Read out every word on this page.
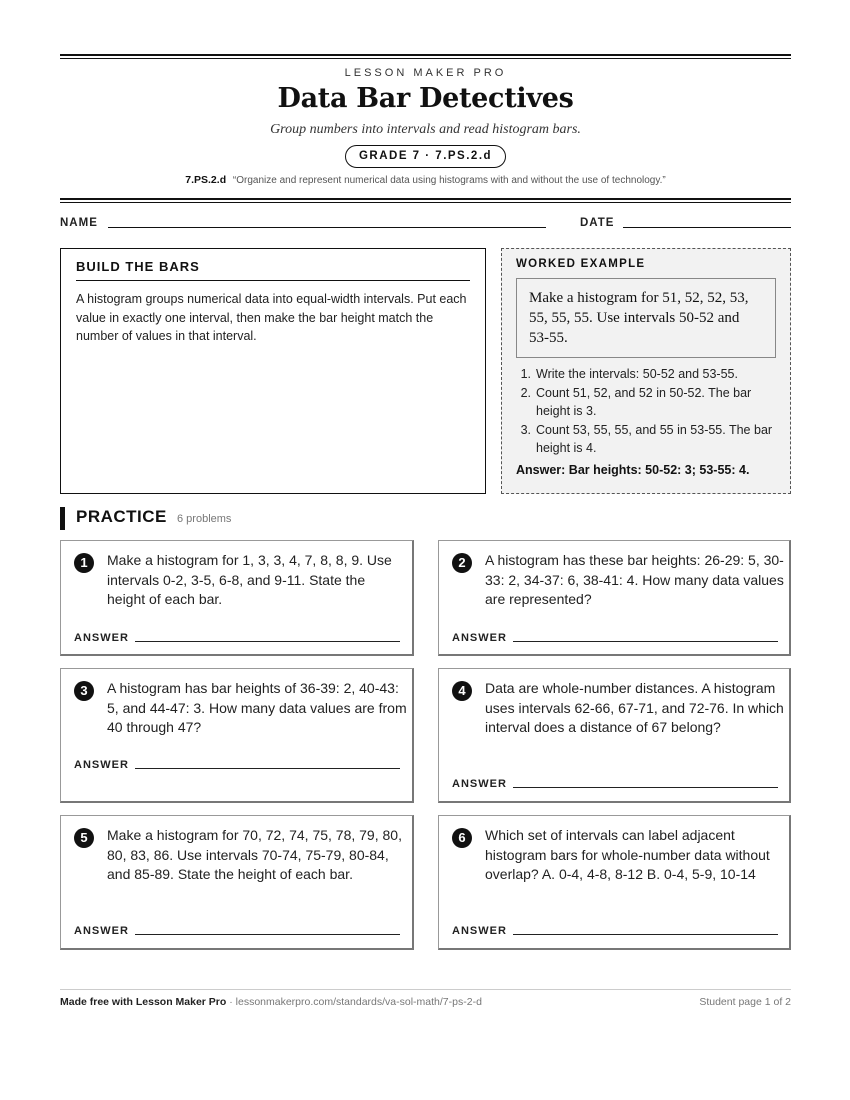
LESSON MAKER PRO
Data Bar Detectives
Group numbers into intervals and read histogram bars.
GRADE 7 · 7.PS.2.d
7.PS.2.d “Organize and represent numerical data using histograms with and without the use of technology.”
NAME	DATE
BUILD THE BARS
A histogram groups numerical data into equal-width intervals. Put each value in exactly one interval, then make the bar height match the number of values in that interval.
WORKED EXAMPLE
Make a histogram for 51, 52, 52, 53, 55, 55, 55. Use intervals 50-52 and 53-55.
1. Write the intervals: 50-52 and 53-55.
2. Count 51, 52, and 52 in 50-52. The bar height is 3.
3. Count 53, 55, 55, and 55 in 53-55. The bar height is 4.
Answer: Bar heights: 50-52: 3; 53-55: 4.
PRACTICE 6 problems
1	Make a histogram for 1, 3, 3, 4, 7, 8, 8, 9. Use intervals 0-2, 3-5, 6-8, and 9-11. State the height of each bar.
ANSWER
2	A histogram has these bar heights: 26-29: 5, 30-33: 2, 34-37: 6, 38-41: 4. How many data values are represented?
ANSWER
3	A histogram has bar heights of 36-39: 2, 40-43: 5, and 44-47: 3. How many data values are from 40 through 47?
ANSWER
4	Data are whole-number distances. A histogram uses intervals 62-66, 67-71, and 72-76. In which interval does a distance of 67 belong?
ANSWER
5	Make a histogram for 70, 72, 74, 75, 78, 79, 80, 80, 83, 86. Use intervals 70-74, 75-79, 80-84, and 85-89. State the height of each bar.
ANSWER
6	Which set of intervals can label adjacent histogram bars for whole-number data without overlap? A. 0-4, 4-8, 8-12 B. 0-4, 5-9, 10-14
ANSWER
Made free with Lesson Maker Pro · lessonmakerpro.com/standards/va-sol-math/7-ps-2-d	Student page 1 of 2
